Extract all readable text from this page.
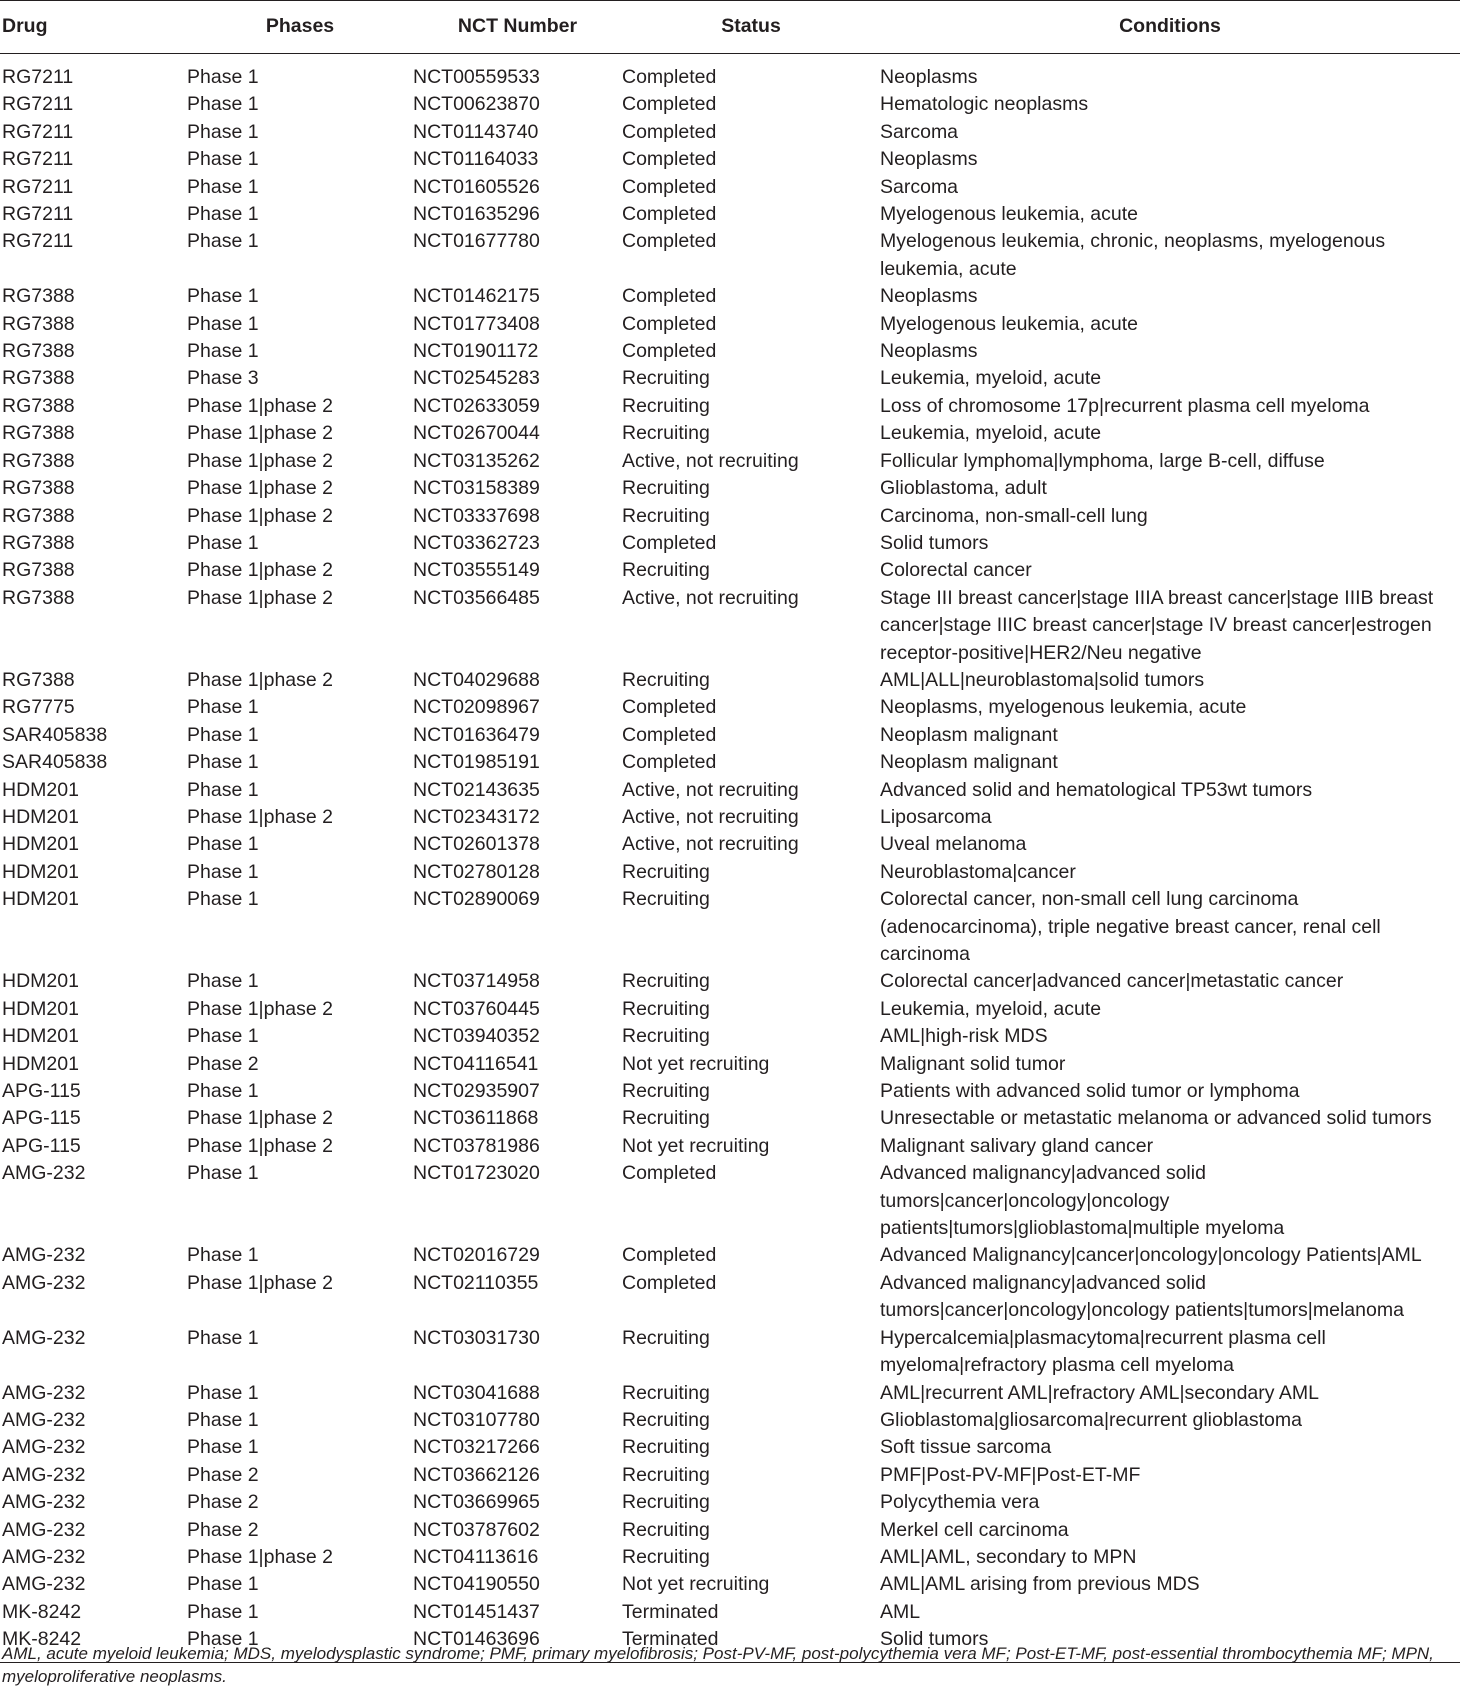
Drug	Phases	NCT Number	Status	Conditions
RG7211	Phase 1	NCT00559533	Completed	Neoplasms
RG7211	Phase 1	NCT00623870	Completed	Hematologic neoplasms
RG7211	Phase 1	NCT01143740	Completed	Sarcoma
RG7211	Phase 1	NCT01164033	Completed	Neoplasms
RG7211	Phase 1	NCT01605526	Completed	Sarcoma
RG7211	Phase 1	NCT01635296	Completed	Myelogenous leukemia, acute
RG7211	Phase 1	NCT01677780	Completed	Myelogenous leukemia, chronic, neoplasms, myelogenous leukemia, acute
RG7388	Phase 1	NCT01462175	Completed	Neoplasms
RG7388	Phase 1	NCT01773408	Completed	Myelogenous leukemia, acute
RG7388	Phase 1	NCT01901172	Completed	Neoplasms
RG7388	Phase 3	NCT02545283	Recruiting	Leukemia, myeloid, acute
RG7388	Phase 1|phase 2	NCT02633059	Recruiting	Loss of chromosome 17p|recurrent plasma cell myeloma
RG7388	Phase 1|phase 2	NCT02670044	Recruiting	Leukemia, myeloid, acute
RG7388	Phase 1|phase 2	NCT03135262	Active, not recruiting	Follicular lymphoma|lymphoma, large B-cell, diffuse
RG7388	Phase 1|phase 2	NCT03158389	Recruiting	Glioblastoma, adult
RG7388	Phase 1|phase 2	NCT03337698	Recruiting	Carcinoma, non-small-cell lung
RG7388	Phase 1	NCT03362723	Completed	Solid tumors
RG7388	Phase 1|phase 2	NCT03555149	Recruiting	Colorectal cancer
RG7388	Phase 1|phase 2	NCT03566485	Active, not recruiting	Stage III breast cancer|stage IIIA breast cancer|stage IIIB breast cancer|stage IIIC breast cancer|stage IV breast cancer|estrogen receptor-positive|HER2/Neu negative
RG7388	Phase 1|phase 2	NCT04029688	Recruiting	AML|ALL|neuroblastoma|solid tumors
RG7775	Phase 1	NCT02098967	Completed	Neoplasms, myelogenous leukemia, acute
SAR405838	Phase 1	NCT01636479	Completed	Neoplasm malignant
SAR405838	Phase 1	NCT01985191	Completed	Neoplasm malignant
HDM201	Phase 1	NCT02143635	Active, not recruiting	Advanced solid and hematological TP53wt tumors
HDM201	Phase 1|phase 2	NCT02343172	Active, not recruiting	Liposarcoma
HDM201	Phase 1	NCT02601378	Active, not recruiting	Uveal melanoma
HDM201	Phase 1	NCT02780128	Recruiting	Neuroblastoma|cancer
HDM201	Phase 1	NCT02890069	Recruiting	Colorectal cancer, non-small cell lung carcinoma (adenocarcinoma), triple negative breast cancer, renal cell carcinoma
HDM201	Phase 1	NCT03714958	Recruiting	Colorectal cancer|advanced cancer|metastatic cancer
HDM201	Phase 1|phase 2	NCT03760445	Recruiting	Leukemia, myeloid, acute
HDM201	Phase 1	NCT03940352	Recruiting	AML|high-risk MDS
HDM201	Phase 2	NCT04116541	Not yet recruiting	Malignant solid tumor
APG-115	Phase 1	NCT02935907	Recruiting	Patients with advanced solid tumor or lymphoma
APG-115	Phase 1|phase 2	NCT03611868	Recruiting	Unresectable or metastatic melanoma or advanced solid tumors
APG-115	Phase 1|phase 2	NCT03781986	Not yet recruiting	Malignant salivary gland cancer
AMG-232	Phase 1	NCT01723020	Completed	Advanced malignancy|advanced solid tumors|cancer|oncology|oncology patients|tumors|glioblastoma|multiple myeloma
AMG-232	Phase 1	NCT02016729	Completed	Advanced Malignancy|cancer|oncology|oncology Patients|AML
AMG-232	Phase 1|phase 2	NCT02110355	Completed	Advanced malignancy|advanced solid tumors|cancer|oncology|oncology patients|tumors|melanoma
AMG-232	Phase 1	NCT03031730	Recruiting	Hypercalcemia|plasmacytoma|recurrent plasma cell myeloma|refractory plasma cell myeloma
AMG-232	Phase 1	NCT03041688	Recruiting	AML|recurrent AML|refractory AML|secondary AML
AMG-232	Phase 1	NCT03107780	Recruiting	Glioblastoma|gliosarcoma|recurrent glioblastoma
AMG-232	Phase 1	NCT03217266	Recruiting	Soft tissue sarcoma
AMG-232	Phase 2	NCT03662126	Recruiting	PMF|Post-PV-MF|Post-ET-MF
AMG-232	Phase 2	NCT03669965	Recruiting	Polycythemia vera
AMG-232	Phase 2	NCT03787602	Recruiting	Merkel cell carcinoma
AMG-232	Phase 1|phase 2	NCT04113616	Recruiting	AML|AML, secondary to MPN
AMG-232	Phase 1	NCT04190550	Not yet recruiting	AML|AML arising from previous MDS
MK-8242	Phase 1	NCT01451437	Terminated	AML
MK-8242	Phase 1	NCT01463696	Terminated	Solid tumors
AML, acute myeloid leukemia; MDS, myelodysplastic syndrome; PMF, primary myelofibrosis; Post-PV-MF, post-polycythemia vera MF; Post-ET-MF, post-essential thrombocythemia MF; MPN, myeloproliferative neoplasms.
